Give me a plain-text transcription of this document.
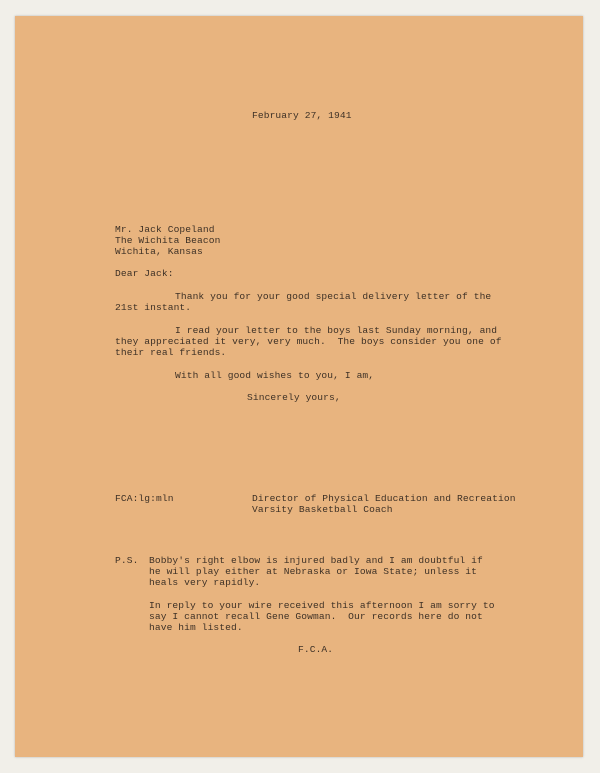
February 27, 1941

Mr. Jack Copeland

The Wichita Beacon

Wichita, Kansas

Dear Jack:

Thank you for your good special delivery letter of the

21st instant.

I read your letter to the boys last Sunday morning, and

they appreciated it very, very much.  The boys consider you one of

their real friends.

With all good wishes to you, I am,

Sincerely yours,

FCA:lg:mln	Director of Physical Education and Recreation

Varsity Basketball Coach

P.S. Bobby's right elbow is injured badly and I am doubtful if

he will play either at Nebraska or Iowa State; unless it

heals very rapidly.

In reply to your wire received this afternoon I am sorry to

say I cannot recall Gene Gowman.  Our records here do not

have him listed.

F.C.A.
